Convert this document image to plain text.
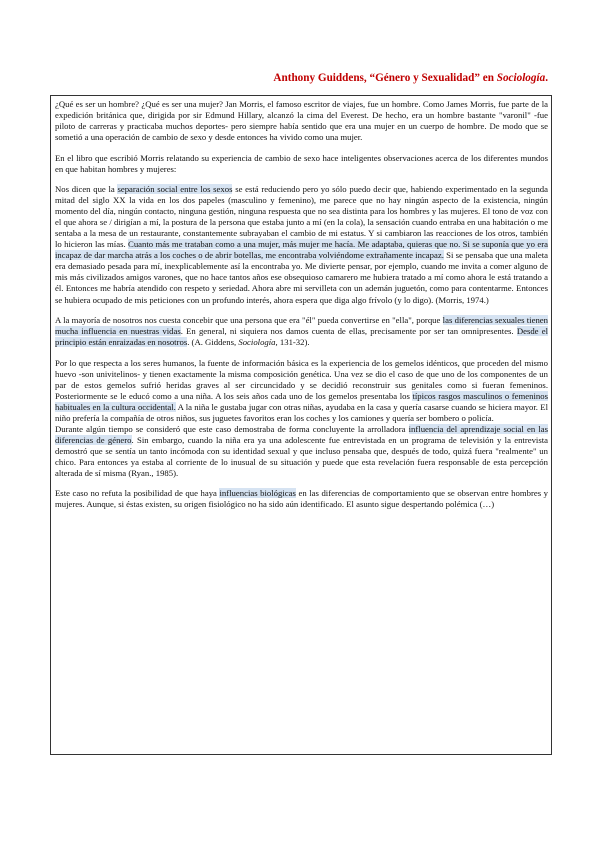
Anthony Guiddens, “Género y Sexualidad” en Sociología.

¿Qué es ser un hombre? ¿Qué es ser una mujer? Jan Morris, el famoso escritor de viajes, fue un hombre. Como James Morris, fue parte de la expedición británica que, dirigida por sir Edmund Hillary, alcanzó la cima del Everest. De hecho, era un hombre bastante "varonil" -fue piloto de carreras y practicaba muchos deportes- pero siempre había sentido que era una mujer en un cuerpo de hombre. De modo que se sometió a una operación de cambio de sexo y desde entonces ha vivido como una mujer.

En el libro que escribió Morris relatando su experiencia de cambio de sexo hace inteligentes observaciones acerca de los diferentes mundos en que habitan hombres y mujeres:

Nos dicen que la separación social entre los sexos se está reduciendo pero yo sólo puedo decir que, habiendo experimentado en la segunda mitad del siglo XX la vida en los dos papeles (masculino y femenino), me parece que no hay ningún aspecto de la existencia, ningún momento del día, ningún contacto, ninguna gestión, ninguna respuesta que no sea distinta para los hombres y las mujeres. El tono de voz con el que ahora se / dirigían a mí, la postura de la persona que estaba junto a mí (en la cola), la sensación cuando entraba en una habitación o me sentaba a la mesa de un restaurante, constantemente subrayaban el cambio de mi estatus. Y si cambiaron las reacciones de los otros, también lo hicieron las mías. Cuanto más me trataban como a una mujer, más mujer me hacía. Me adaptaba, quieras que no. Si se suponía que yo era incapaz de dar marcha atrás a los coches o de abrir botellas, me encontraba volviéndome extrañamente incapaz. Si se pensaba que una maleta era demasiado pesada para mí, inexplicablemente así la encontraba yo. Me divierte pensar, por ejemplo, cuando me invita a comer alguno de mis más civilizados amigos varones, que no hace tantos años ese obsequioso camarero me hubiera tratado a mí como ahora le está tratando a él. Entonces me habría atendido con respeto y seriedad. Ahora abre mi servilleta con un ademán juguetón, como para contentarme. Entonces se hubiera ocupado de mis peticiones con un profundo interés, ahora espera que diga algo frívolo (y lo digo). (Morris, 1974.)

A la mayoría de nosotros nos cuesta concebir que una persona que era "él" pueda convertirse en "ella", porque las diferencias sexuales tienen mucha influencia en nuestras vidas. En general, ni siquiera nos damos cuenta de ellas, precisamente por ser tan omnipresentes. Desde el principio están enraizadas en nosotros. (A. Giddens, Sociología, 131-32).

Por lo que respecta a los seres humanos, la fuente de información básica es la experiencia de los gemelos idénticos, que proceden del mismo huevo -son univitelinos- y tienen exactamente la misma composición genética. Una vez se dio el caso de que uno de los componentes de un par de estos gemelos sufrió heridas graves al ser circuncidado y se decidió reconstruir sus genitales como si fueran femeninos. Posteriormente se le educó como a una niña. A los seis años cada uno de los gemelos presentaba los típicos rasgos masculinos o femeninos habituales en la cultura occidental. A la niña le gustaba jugar con otras niñas, ayudaba en la casa y quería casarse cuando se hiciera mayor. El niño prefería la compañía de otros niños, sus juguetes favoritos eran los coches y los camiones y quería ser bombero o policía.

Durante algún tiempo se consideró que este caso demostraba de forma concluyente la arrolladora influencia del aprendizaje social en las diferencias de género. Sin embargo, cuando la niña era ya una adolescente fue entrevistada en un programa de televisión y la entrevista demostró que se sentía un tanto incómoda con su identidad sexual y que incluso pensaba que, después de todo, quizá fuera "realmente" un chico. Para entonces ya estaba al corriente de lo inusual de su situación y puede que esta revelación fuera responsable de esta percepción alterada de sí misma (Ryan., 1985).

Este caso no refuta la posibilidad de que haya influencias biológicas en las diferencias de comportamiento que se observan entre hombres y mujeres. Aunque, si éstas existen, su origen fisiológico no ha sido aún identificado. El asunto sigue despertando polémica (…)
